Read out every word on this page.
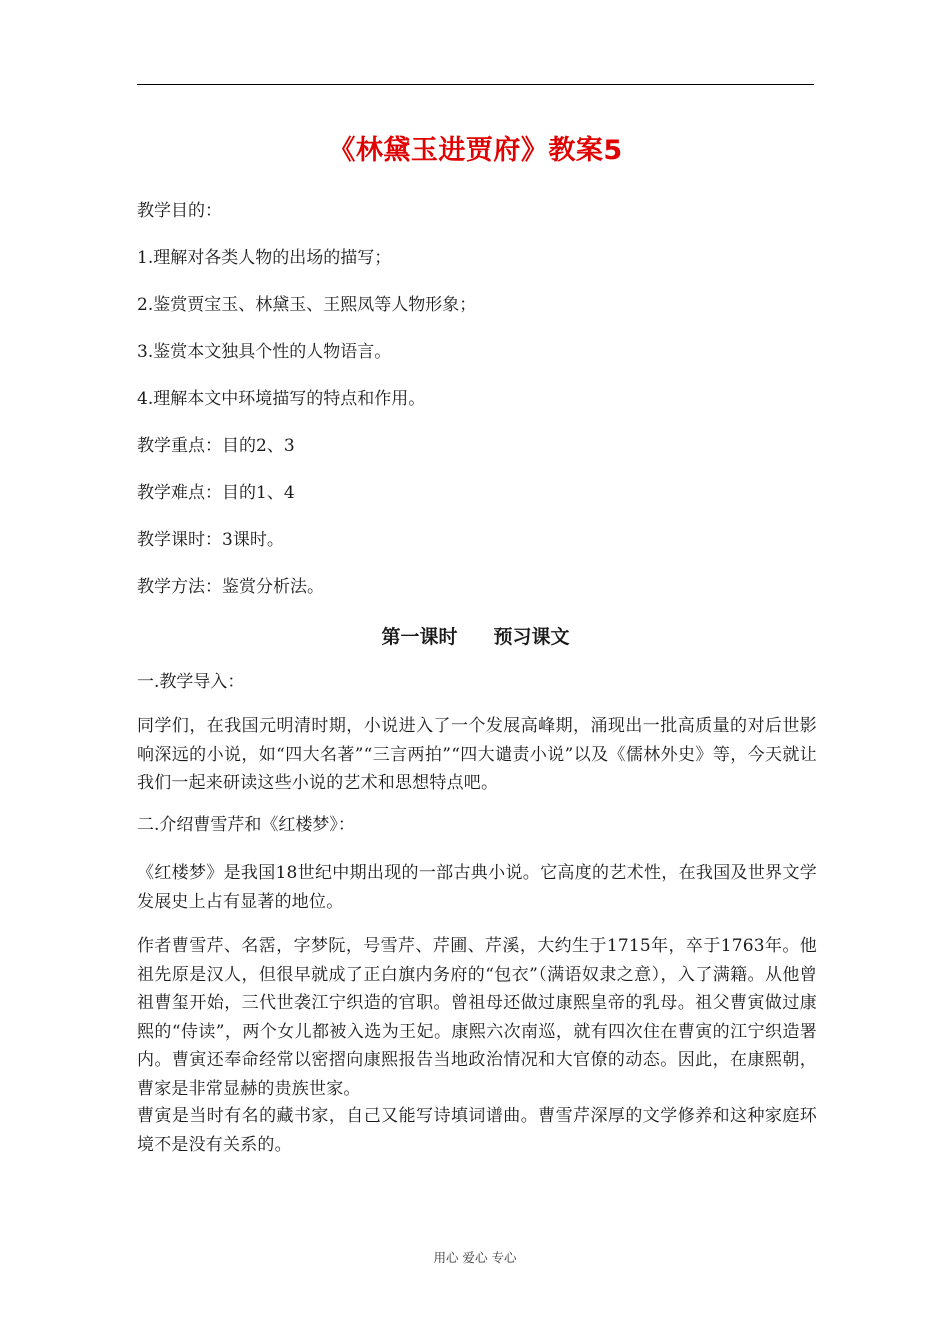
《林黛玉进贾府》教案5
教学目的：
1.理解对各类人物的出场的描写；
2.鉴赏贾宝玉、林黛玉、王熙凤等人物形象；
3.鉴赏本文独具个性的人物语言。
4.理解本文中环境描写的特点和作用。
教学重点：目的2、3
教学难点：目的1、4
教学课时：3课时。
教学方法：鉴赏分析法。
第一课时 预习课文
一.教学导入：
同学们，在我国元明清时期，小说进入了一个发展高峰期，涌现出一批高质量的对后世影响深远的小说，如“四大名著”“三言两拍”“四大谴责小说”以及《儒林外史》等，今天就让我们一起来研读这些小说的艺术和思想特点吧。
二.介绍曹雪芹和《红楼梦》：
《红楼梦》是我国18世纪中期出现的一部古典小说。它高度的艺术性，在我国及世界文学发展史上占有显著的地位。
作者曹雪芹、名霑，字梦阮，号雪芹、芹圃、芹溪，大约生于1715年，卒于1763年。他祖先原是汉人，但很早就成了正白旗内务府的“包衣”（满语奴隶之意），入了满籍。从他曾祖曹玺开始，三代世袭江宁织造的官职。曾祖母还做过康熙皇帝的乳母。祖父曹寅做过康熙的“侍读”，两个女儿都被入选为王妃。康熙六次南巡，就有四次住在曹寅的江宁织造署内。曹寅还奉命经常以密摺向康熙报告当地政治情况和大官僚的动态。因此，在康熙朝，曹家是非常显赫的贵族世家。
曹寅是当时有名的藏书家，自己又能写诗填词谱曲。曹雪芹深厚的文学修养和这种家庭环境不是没有关系的。
用心 爱心 专心
